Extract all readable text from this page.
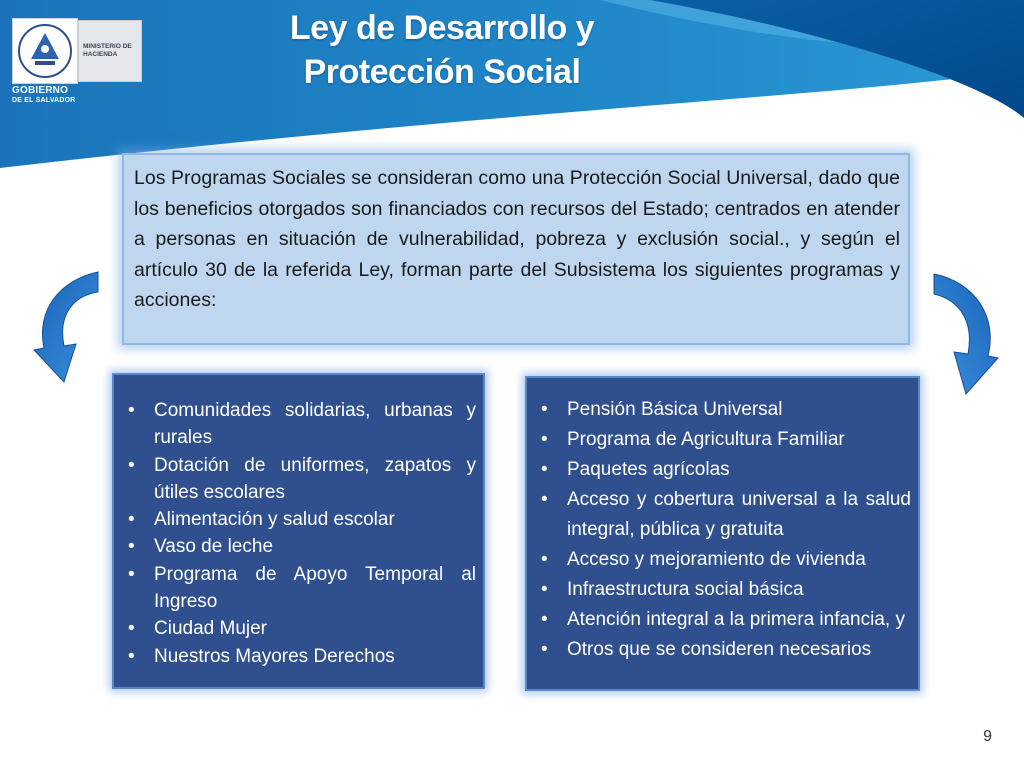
MINISTERIO DE HACIENDA
GOBIERNO
DE EL SALVADOR
Ley de Desarrollo y
Protección Social

Los Programas Sociales se consideran como una Protección Social Universal, dado que los beneficios otorgados son financiados con recursos del Estado; centrados en atender a personas en situación de vulnerabilidad, pobreza y exclusión social., y según el artículo 30 de la referida Ley, forman parte del Subsistema los siguientes programas y acciones:

• Comunidades solidarias, urbanas y rurales
• Dotación de uniformes, zapatos y útiles escolares
• Alimentación y salud escolar
• Vaso de leche
• Programa de Apoyo Temporal al Ingreso
• Ciudad Mujer
• Nuestros Mayores Derechos
• Pensión Básica Universal
• Programa de Agricultura Familiar
• Paquetes agrícolas
• Acceso y cobertura universal a la salud integral, pública y gratuita
• Acceso y mejoramiento de vivienda
• Infraestructura social básica
• Atención integral a la primera infancia, y
• Otros que se consideren necesarios
9
